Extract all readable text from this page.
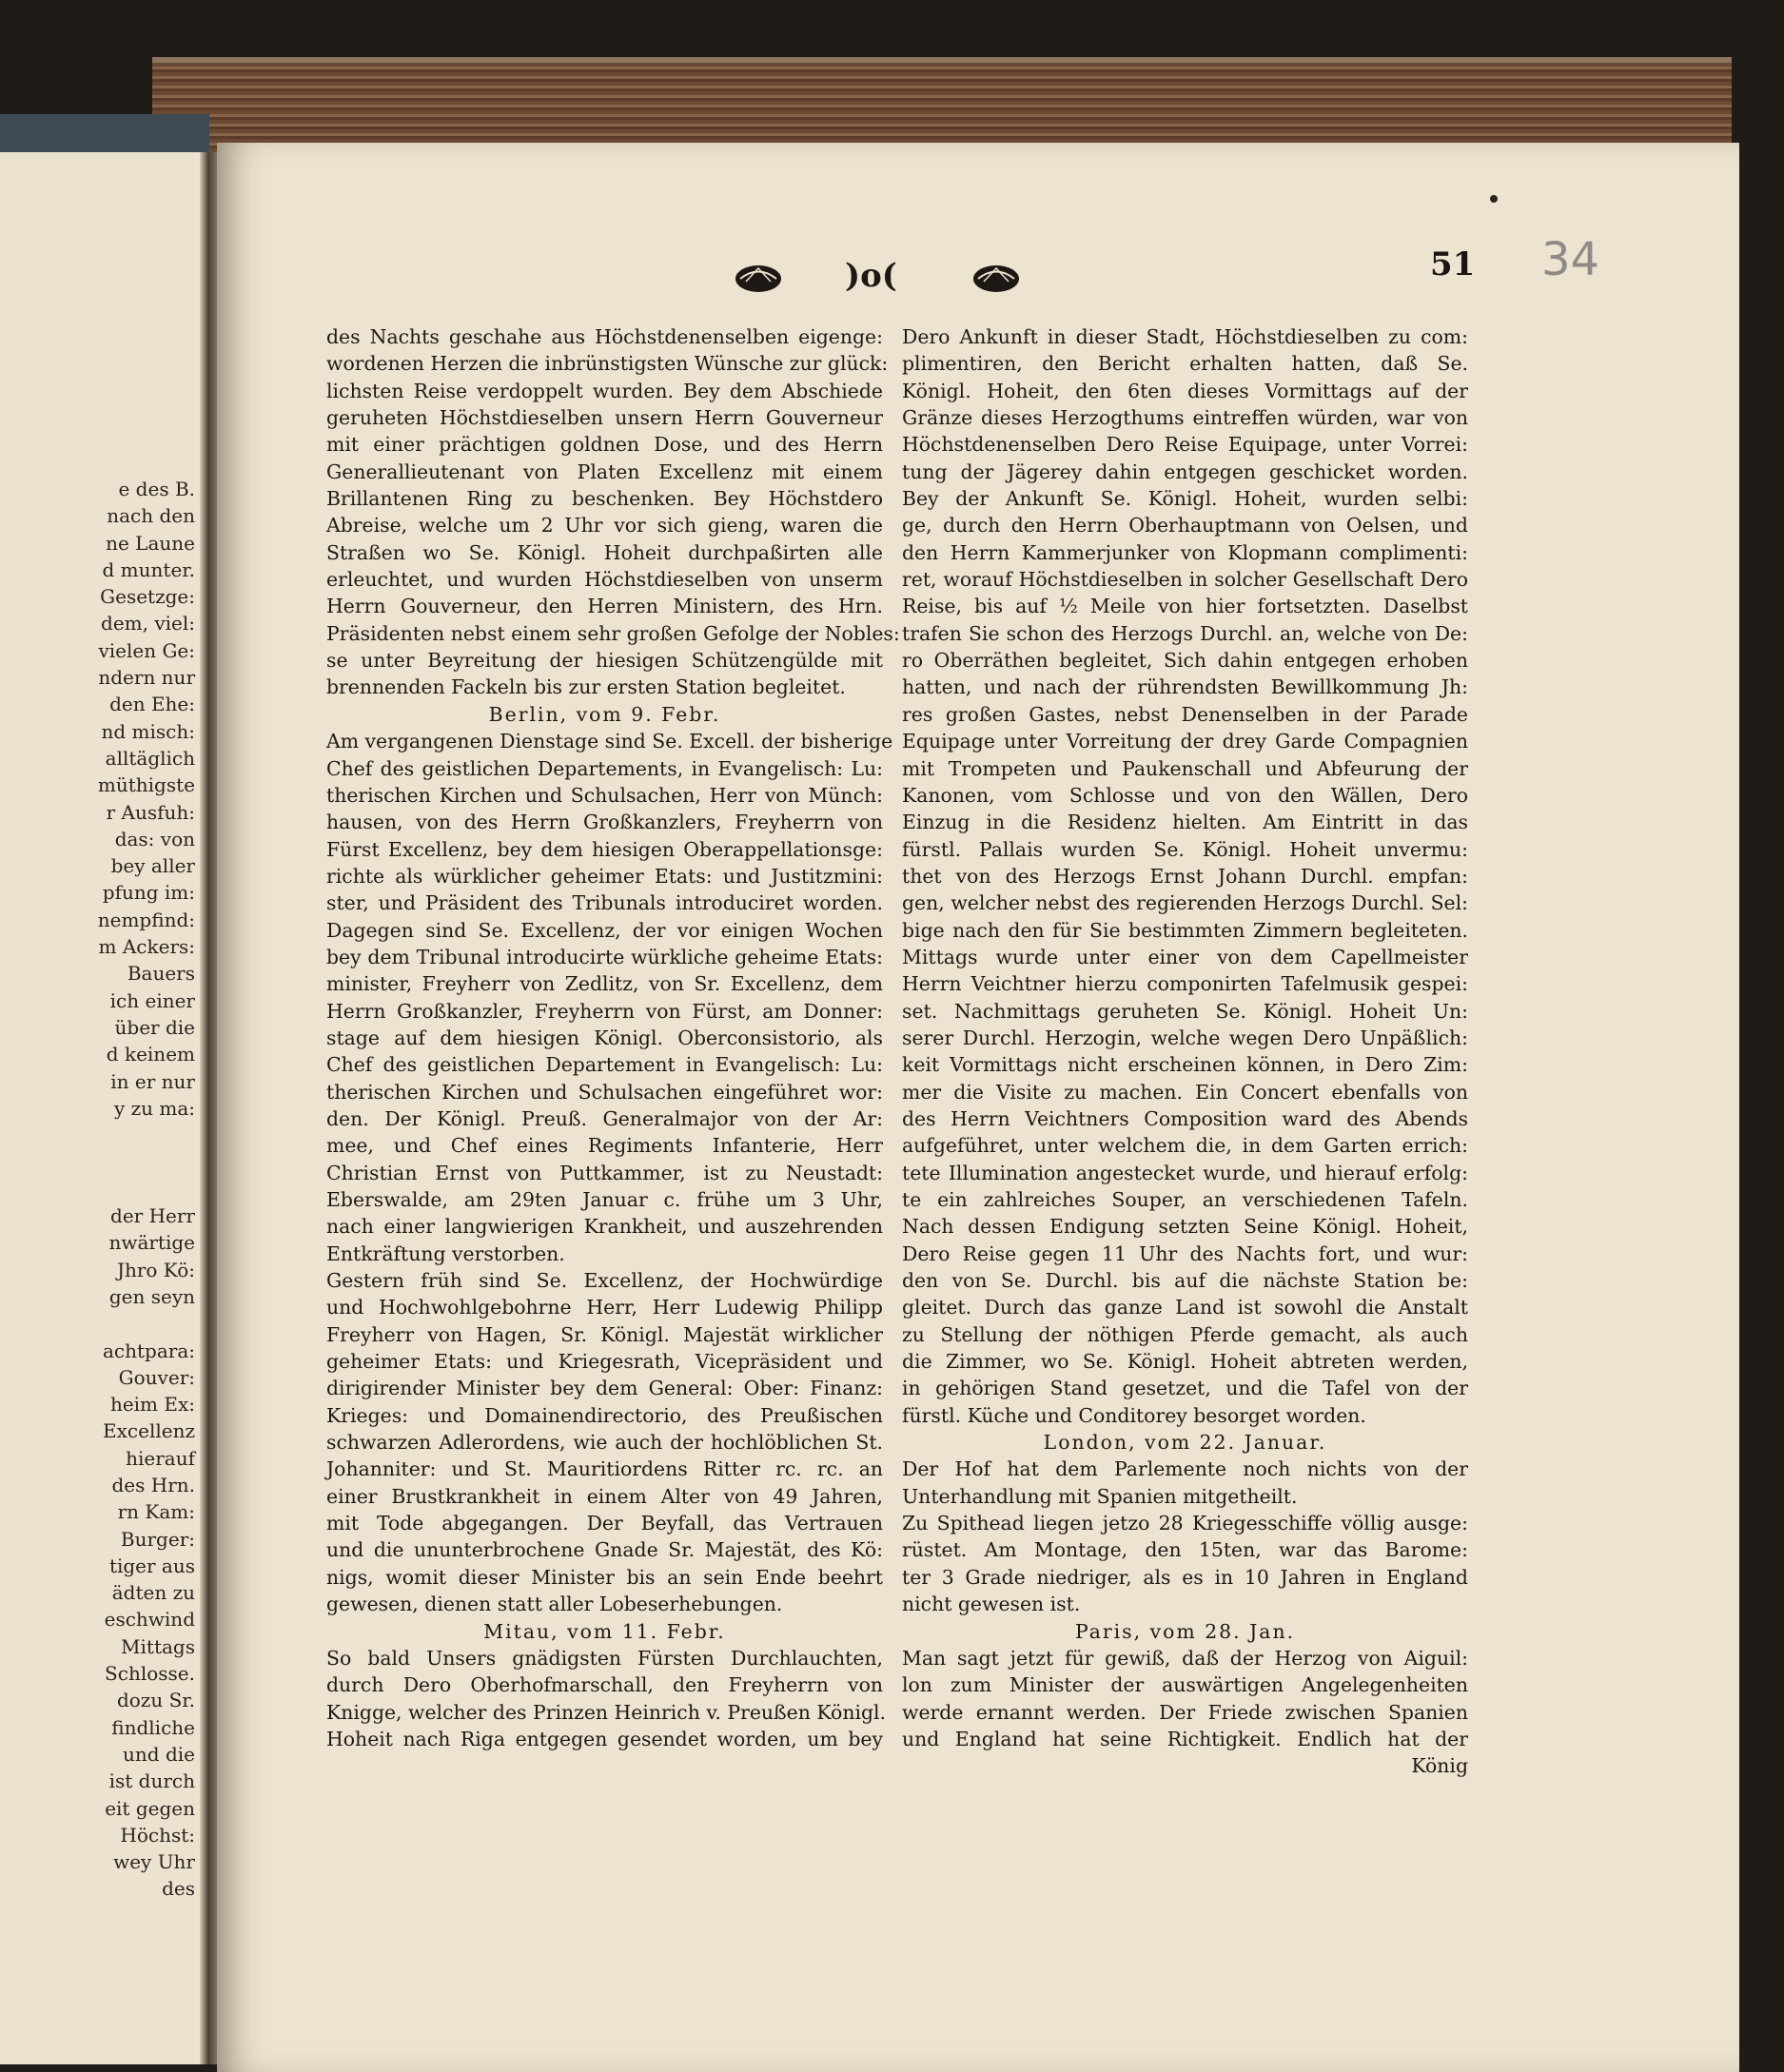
e des B.
nach den
ne Laune
d munter.
Gesetzge:
dem, viel:
vielen Ge:
ndern nur
den Ehe:
nd misch:
alltäglich
müthigste
r Ausfuh:
das: von
bey aller
pfung im:
nempfind:
m Ackers:
Bauers
ich einer
über die
d keinem
in er nur
y zu ma:
der Herr
nwärtige
Jhro Kö:
gen seyn
achtpara:
Gouver:
heim Ex:
Excellenz
hierauf
des Hrn.
rn Kam:
Burger:
tiger aus
ädten zu
eschwind
Mittags
Schlosse.
dozu Sr.
findliche
und die
ist durch
eit gegen
Höchst:
wey Uhr
des
)o(	51 34
des Nachts geschahe aus Höchstdenenselben eigenge:
wordenen Herzen die inbrünstigsten Wünsche zur glück:
lichsten Reise verdoppelt wurden. Bey dem Abschiede
geruheten Höchstdieselben unsern Herrn Gouverneur
mit einer prächtigen goldnen Dose, und des Herrn
Generallieutenant von Platen Excellenz mit einem
Brillantenen Ring zu beschenken. Bey Höchstdero
Abreise, welche um 2 Uhr vor sich gieng, waren die
Straßen wo Se. Königl. Hoheit durchpaßirten alle
erleuchtet, und wurden Höchstdieselben von unserm
Herrn Gouverneur, den Herren Ministern, des Hrn.
Präsidenten nebst einem sehr großen Gefolge der Nobles:
se unter Beyreitung der hiesigen Schützengülde mit
brennenden Fackeln bis zur ersten Station begleitet.
Berlin, vom 9. Febr.
Am vergangenen Dienstage sind Se. Excell. der bisherige
Chef des geistlichen Departements, in Evangelisch: Lu:
therischen Kirchen und Schulsachen, Herr von Münch:
hausen, von des Herrn Großkanzlers, Freyherrn von
Fürst Excellenz, bey dem hiesigen Oberappellationsge:
richte als würklicher geheimer Etats: und Justitzmini:
ster, und Präsident des Tribunals introduciret worden.
Dagegen sind Se. Excellenz, der vor einigen Wochen
bey dem Tribunal introducirte würkliche geheime Etats:
minister, Freyherr von Zedlitz, von Sr. Excellenz, dem
Herrn Großkanzler, Freyherrn von Fürst, am Donner:
stage auf dem hiesigen Königl. Oberconsistorio, als
Chef des geistlichen Departement in Evangelisch: Lu:
therischen Kirchen und Schulsachen eingeführet wor:
den. Der Königl. Preuß. Generalmajor von der Ar:
mee, und Chef eines Regiments Infanterie, Herr
Christian Ernst von Puttkammer, ist zu Neustadt:
Eberswalde, am 29ten Januar c. frühe um 3 Uhr,
nach einer langwierigen Krankheit, und auszehrenden
Entkräftung verstorben.
Gestern früh sind Se. Excellenz, der Hochwürdige
und Hochwohlgebohrne Herr, Herr Ludewig Philipp
Freyherr von Hagen, Sr. Königl. Majestät wirklicher
geheimer Etats: und Kriegesrath, Vicepräsident und
dirigirender Minister bey dem General: Ober: Finanz:
Krieges: und Domainendirectorio, des Preußischen
schwarzen Adlerordens, wie auch der hochlöblichen St.
Johanniter: und St. Mauritiordens Ritter rc. rc. an
einer Brustkrankheit in einem Alter von 49 Jahren,
mit Tode abgegangen. Der Beyfall, das Vertrauen
und die ununterbrochene Gnade Sr. Majestät, des Kö:
nigs, womit dieser Minister bis an sein Ende beehrt
gewesen, dienen statt aller Lobeserhebungen.
Mitau, vom 11. Febr.
So bald Unsers gnädigsten Fürsten Durchlauchten,
durch Dero Oberhofmarschall, den Freyherrn von
Knigge, welcher des Prinzen Heinrich v. Preußen Königl.
Hoheit nach Riga entgegen gesendet worden, um bey
Dero Ankunft in dieser Stadt, Höchstdieselben zu com:
plimentiren, den Bericht erhalten hatten, daß Se.
Königl. Hoheit, den 6ten dieses Vormittags auf der
Gränze dieses Herzogthums eintreffen würden, war von
Höchstdenenselben Dero Reise Equipage, unter Vorrei:
tung der Jägerey dahin entgegen geschicket worden.
Bey der Ankunft Se. Königl. Hoheit, wurden selbi:
ge, durch den Herrn Oberhauptmann von Oelsen, und
den Herrn Kammerjunker von Klopmann complimenti:
ret, worauf Höchstdieselben in solcher Gesellschaft Dero
Reise, bis auf ½ Meile von hier fortsetzten. Daselbst
trafen Sie schon des Herzogs Durchl. an, welche von De:
ro Oberräthen begleitet, Sich dahin entgegen erhoben
hatten, und nach der rührendsten Bewillkommung Jh:
res großen Gastes, nebst Denenselben in der Parade
Equipage unter Vorreitung der drey Garde Compagnien
mit Trompeten und Paukenschall und Abfeurung der
Kanonen, vom Schlosse und von den Wällen, Dero
Einzug in die Residenz hielten. Am Eintritt in das
fürstl. Pallais wurden Se. Königl. Hoheit unvermu:
thet von des Herzogs Ernst Johann Durchl. empfan:
gen, welcher nebst des regierenden Herzogs Durchl. Sel:
bige nach den für Sie bestimmten Zimmern begleiteten.
Mittags wurde unter einer von dem Capellmeister
Herrn Veichtner hierzu componirten Tafelmusik gespei:
set. Nachmittags geruheten Se. Königl. Hoheit Un:
serer Durchl. Herzogin, welche wegen Dero Unpäßlich:
keit Vormittags nicht erscheinen können, in Dero Zim:
mer die Visite zu machen. Ein Concert ebenfalls von
des Herrn Veichtners Composition ward des Abends
aufgeführet, unter welchem die, in dem Garten errich:
tete Illumination angestecket wurde, und hierauf erfolg:
te ein zahlreiches Souper, an verschiedenen Tafeln.
Nach dessen Endigung setzten Seine Königl. Hoheit,
Dero Reise gegen 11 Uhr des Nachts fort, und wur:
den von Se. Durchl. bis auf die nächste Station be:
gleitet. Durch das ganze Land ist sowohl die Anstalt
zu Stellung der nöthigen Pferde gemacht, als auch
die Zimmer, wo Se. Königl. Hoheit abtreten werden,
in gehörigen Stand gesetzet, und die Tafel von der
fürstl. Küche und Conditorey besorget worden.
London, vom 22. Januar.
Der Hof hat dem Parlemente noch nichts von der
Unterhandlung mit Spanien mitgetheilt.
Zu Spithead liegen jetzo 28 Kriegesschiffe völlig ausge:
rüstet. Am Montage, den 15ten, war das Barome:
ter 3 Grade niedriger, als es in 10 Jahren in England
nicht gewesen ist.
Paris, vom 28. Jan.
Man sagt jetzt für gewiß, daß der Herzog von Aiguil:
lon zum Minister der auswärtigen Angelegenheiten
werde ernannt werden. Der Friede zwischen Spanien
und England hat seine Richtigkeit. Endlich hat der
König
